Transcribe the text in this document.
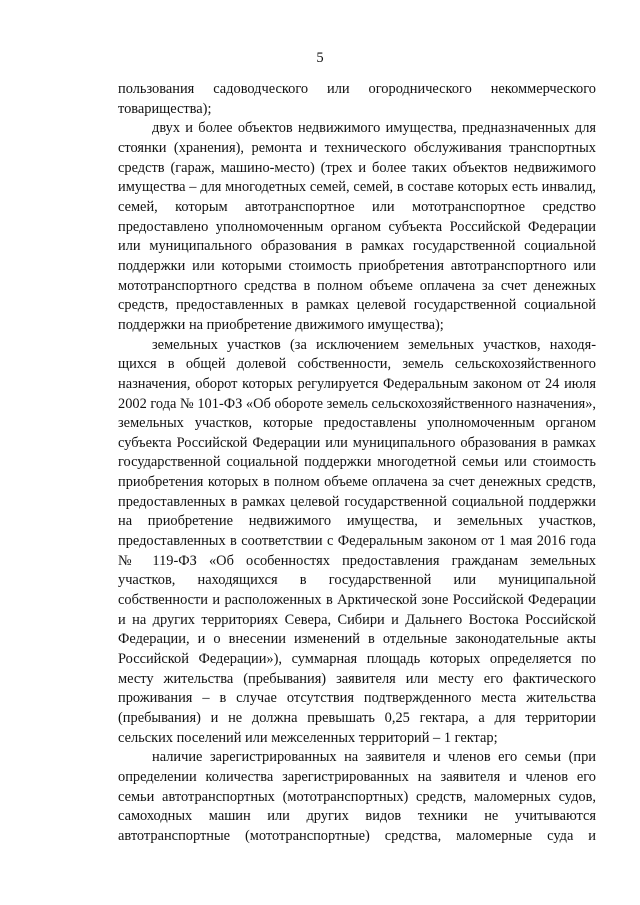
5

пользования садоводческого или огороднического некоммерческого товарищества);

двух и более объектов недвижимого имущества, предназначенных для стоянки (хранения), ремонта и технического обслуживания транспортных средств (гараж, машино-место) (трех и более таких объектов недвижимого имущества – для многодетных семей, семей, в составе которых есть инвалид, семей, которым автотранспортное или мототранспортное средство предоставлено уполномоченным органом субъекта Российской Федерации или муниципального образования в рамках государственной социальной поддержки или которыми стоимость приобретения автотранспортного или мототранспортного средства в полном объеме оплачена за счет денежных средств, предоставленных в рамках целевой государственной социальной поддержки на приобретение движимого имущества);

земельных участков (за исключением земельных участков, находя-щихся в общей долевой собственности, земель сельскохозяйственного назначения, оборот которых регулируется Федеральным законом от 24 июля 2002 года № 101-ФЗ «Об обороте земель сельскохозяйственного назначения», земельных участков, которые предоставлены уполномоченным органом субъекта Российской Федерации или муниципального образования в рамках государственной социальной поддержки многодетной семьи или стоимость приобретения которых в полном объеме оплачена за счет денежных средств, предоставленных в рамках целевой государственной социальной поддержки на приобретение недвижимого имущества, и земельных участков, предоставленных в соответствии с Федеральным законом от 1 мая 2016 года № 119-ФЗ «Об особенностях предоставления гражданам земельных участков, находящихся в государственной или муниципальной собственности и расположенных в Арктической зоне Российской Федерации и на других территориях Севера, Сибири и Дальнего Востока Российской Федерации, и о внесении изменений в отдельные законодательные акты Российской Федерации»), суммарная площадь которых определяется по месту жительства (пребывания) заявителя или месту его фактического проживания – в случае отсутствия подтвержденного места жительства (пребывания) и не должна превышать 0,25 гектара, а для территории сельских поселений или межселенных территорий – 1 гектар;

наличие зарегистрированных на заявителя и членов его семьи (при определении количества зарегистрированных на заявителя и членов его семьи автотранспортных (мототранспортных) средств, маломерных судов, самоходных машин или других видов техники не учитываются автотранспортные (мототранспортные) средства, маломерные суда и
